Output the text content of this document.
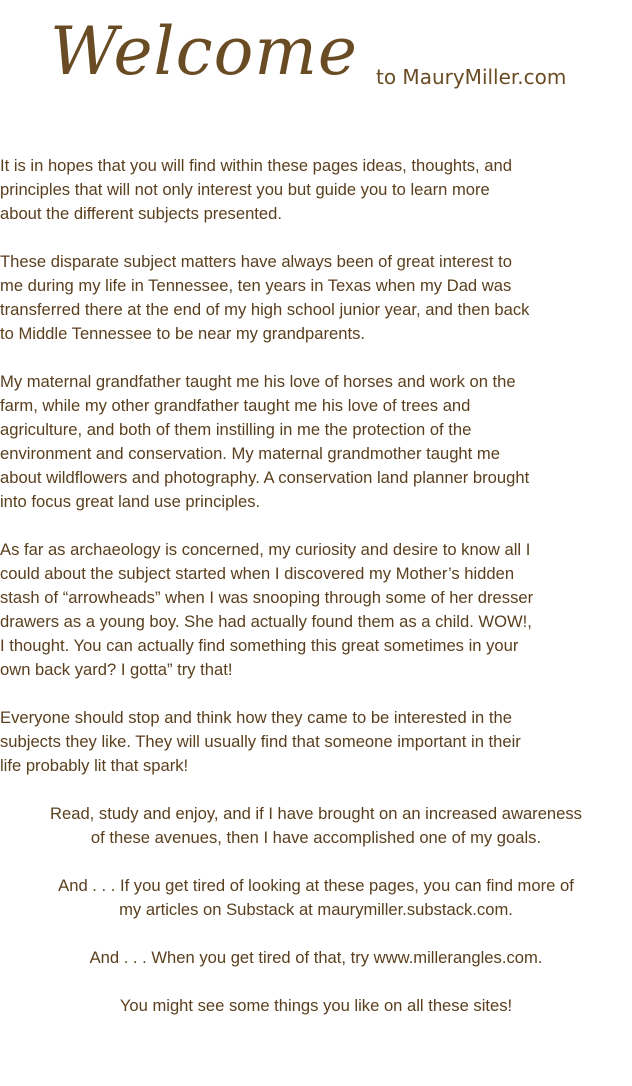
Welcome to MauryMiller.com

It is in hopes that you will find within these pages ideas, thoughts, and
principles that will not only interest you but guide you to learn more
about the different subjects presented.

These disparate subject matters have always been of great interest to
me during my life in Tennessee, ten years in Texas when my Dad was
transferred there at the end of my high school junior year, and then back
to Middle Tennessee to be near my grandparents.

My maternal grandfather taught me his love of horses and work on the
farm, while my other grandfather taught me his love of trees and
agriculture, and both of them instilling in me the protection of the
environment and conservation. My maternal grandmother taught me
about wildflowers and photography. A conservation land planner brought
into focus great land use principles.

As far as archaeology is concerned, my curiosity and desire to know all I
could about the subject started when I discovered my Mother’s hidden
stash of “arrowheads” when I was snooping through some of her dresser
drawers as a young boy. She had actually found them as a child. WOW!,
I thought. You can actually find something this great sometimes in your
own back yard? I gotta” try that!

Everyone should stop and think how they came to be interested in the
subjects they like. They will usually find that someone important in their
life probably lit that spark!

Read, study and enjoy, and if I have brought on an increased awareness
of these avenues, then I have accomplished one of my goals.

And . . . If you get tired of looking at these pages, you can find more of
my articles on Substack at maurymiller.substack.com.

And . . . When you get tired of that, try www.millerangles.com.

You might see some things you like on all these sites!
